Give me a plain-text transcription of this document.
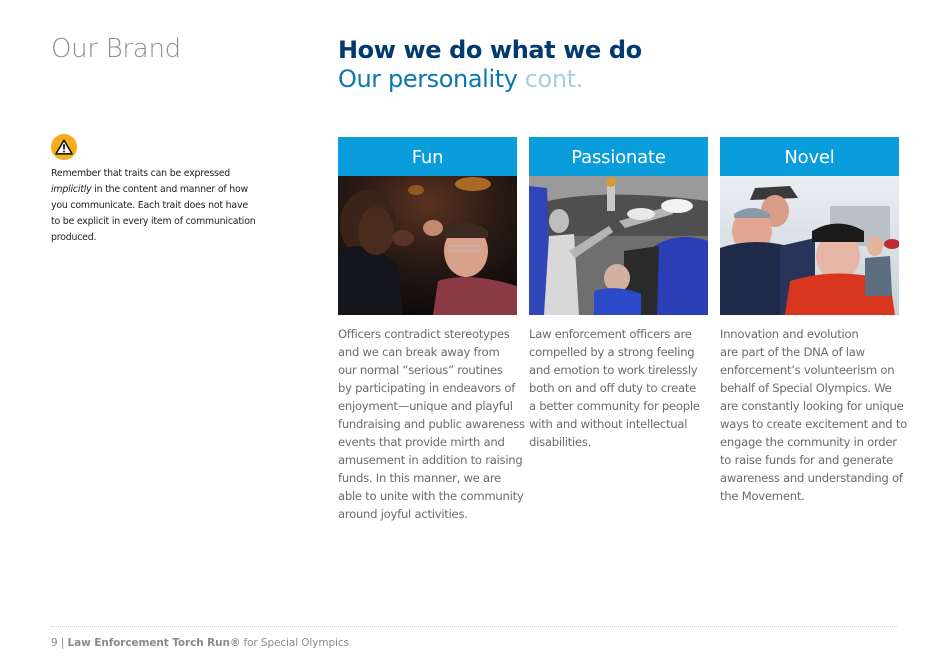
Our Brand	How we do what we do
Our personality cont.
Remember that traits can be expressed
implicitly in the content and manner of how
you communicate. Each trait does not have
to be explicit in every item of communication
produced.
Fun
Officers contradict stereotypes
and we can break away from
our normal “serious” routines
by participating in endeavors of
enjoyment—unique and playful
fundraising and public awareness
events that provide mirth and
amusement in addition to raising
funds. In this manner, we are
able to unite with the community
around joyful activities.
Passionate
Law enforcement officers are
compelled by a strong feeling
and emotion to work tirelessly
both on and off duty to create
a better community for people
with and without intellectual
disabilities.
Novel
Innovation and evolution
are part of the DNA of law
enforcement’s volunteerism on
behalf of Special Olympics. We
are constantly looking for unique
ways to create excitement and to
engage the community in order
to raise funds for and generate
awareness and understanding of
the Movement.
9 | Law Enforcement Torch Run® for Special Olympics
